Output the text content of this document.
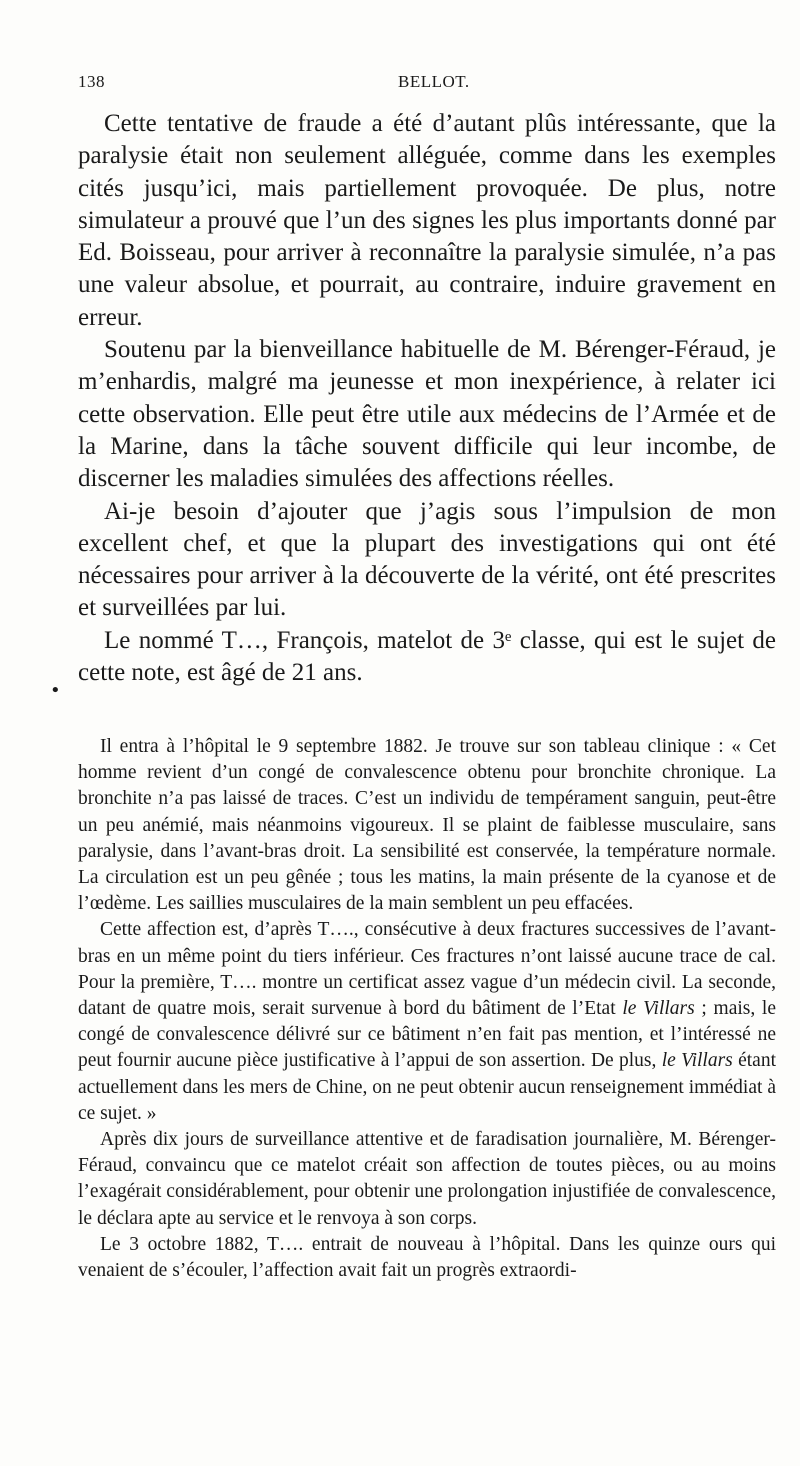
138	BELLOT.
•

Cette tentative de fraude a été d’autant plûs intéressante, que la paralysie était non seulement alléguée, comme dans les exemples cités jusqu’ici, mais partiellement provoquée. De plus, notre simulateur a prouvé que l’un des signes les plus importants donné par Ed. Boisseau, pour arriver à reconnaître la paralysie simulée, n’a pas une valeur absolue, et pourrait, au contraire, induire gravement en erreur.

Soutenu par la bienveillance habituelle de M. Bérenger-Féraud, je m’enhardis, malgré ma jeunesse et mon inexpérience, à relater ici cette observation. Elle peut être utile aux médecins de l’Armée et de la Marine, dans la tâche souvent difficile qui leur incombe, de discerner les maladies simulées des affections réelles.

Ai-je besoin d’ajouter que j’agis sous l’impulsion de mon excellent chef, et que la plupart des investigations qui ont été nécessaires pour arriver à la découverte de la vérité, ont été prescrites et surveillées par lui.

Le nommé T…, François, matelot de 3ᵉ classe, qui est le sujet de cette note, est âgé de 21 ans.

Il entra à l’hôpital le 9 septembre 1882. Je trouve sur son tableau clinique : « Cet homme revient d’un congé de convalescence obtenu pour bronchite chronique. La bronchite n’a pas laissé de traces. C’est un individu de tempérament sanguin, peut-être un peu anémié, mais néanmoins vigoureux. Il se plaint de faiblesse musculaire, sans paralysie, dans l’avant-bras droit. La sensibilité est conservée, la température normale. La circulation est un peu gênée ; tous les matins, la main présente de la cyanose et de l’œdème. Les saillies musculaires de la main semblent un peu effacées.

Cette affection est, d’après T…., consécutive à deux fractures successives de l’avant-bras en un même point du tiers inférieur. Ces fractures n’ont laissé aucune trace de cal. Pour la première, T…. montre un certificat assez vague d’un médecin civil. La seconde, datant de quatre mois, serait survenue à bord du bâtiment de l’Etat le Villars ; mais, le congé de convalescence délivré sur ce bâtiment n’en fait pas mention, et l’intéressé ne peut fournir aucune pièce justificative à l’appui de son assertion. De plus, le Villars étant actuellement dans les mers de Chine, on ne peut obtenir aucun renseignement immédiat à ce sujet. »

Après dix jours de surveillance attentive et de faradisation journalière, M. Bérenger-Féraud, convaincu que ce matelot créait son affection de toutes pièces, ou au moins l’exagérait considérablement, pour obtenir une prolongation injustifiée de convalescence, le déclara apte au service et le renvoya à son corps.

Le 3 octobre 1882, T…. entrait de nouveau à l’hôpital. Dans les quinze ours qui venaient de s’écouler, l’affection avait fait un progrès extraordi-
